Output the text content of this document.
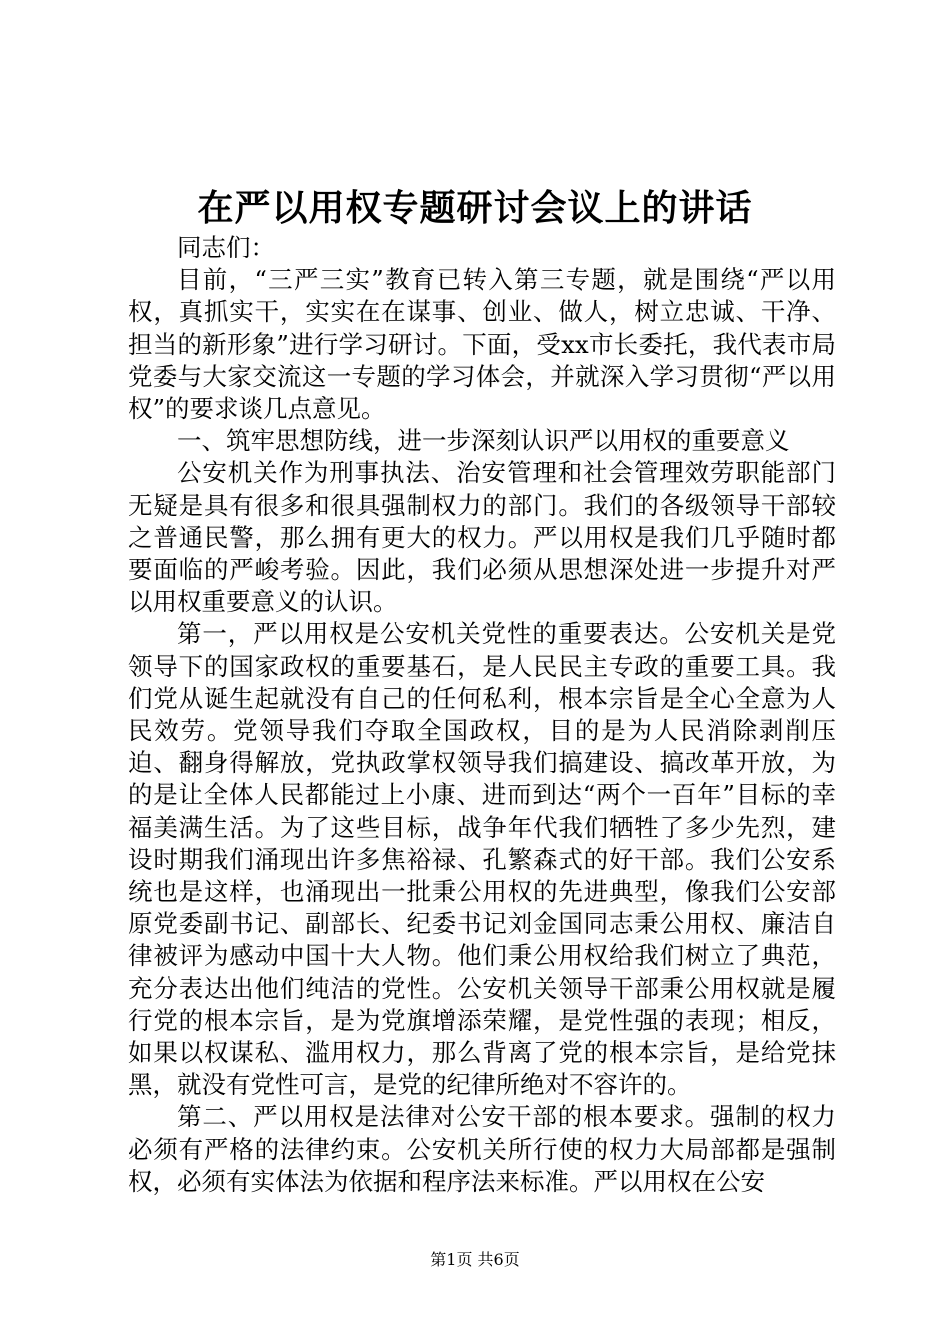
在严以用权专题研讨会议上的讲话

同志们：

目前，“三严三实”教育已转入第三专题，就是围绕“严以用权，真抓实干，实实在在谋事、创业、做人，树立忠诚、干净、担当的新形象”进行学习研讨。下面，受xx市长委托，我代表市局党委与大家交流这一专题的学习体会，并就深入学习贯彻“严以用权”的要求谈几点意见。

一、筑牢思想防线，进一步深刻认识严以用权的重要意义

公安机关作为刑事执法、治安管理和社会管理效劳职能部门无疑是具有很多和很具强制权力的部门。我们的各级领导干部较之普通民警，那么拥有更大的权力。严以用权是我们几乎随时都要面临的严峻考验。因此，我们必须从思想深处进一步提升对严以用权重要意义的认识。

第一，严以用权是公安机关党性的重要表达。公安机关是党领导下的国家政权的重要基石，是人民民主专政的重要工具。我们党从诞生起就没有自己的任何私利，根本宗旨是全心全意为人民效劳。党领导我们夺取全国政权，目的是为人民消除剥削压迫、翻身得解放，党执政掌权领导我们搞建设、搞改革开放，为的是让全体人民都能过上小康、进而到达“两个一百年”目标的幸福美满生活。为了这些目标，战争年代我们牺牲了多少先烈，建设时期我们涌现出许多焦裕禄、孔繁森式的好干部。我们公安系统也是这样，也涌现出一批秉公用权的先进典型，像我们公安部原党委副书记、副部长、纪委书记刘金国同志秉公用权、廉洁自律被评为感动中国十大人物。他们秉公用权给我们树立了典范，充分表达出他们纯洁的党性。公安机关领导干部秉公用权就是履行党的根本宗旨，是为党旗增添荣耀，是党性强的表现；相反，如果以权谋私、滥用权力，那么背离了党的根本宗旨，是给党抹黑，就没有党性可言，是党的纪律所绝对不容许的。

第二、严以用权是法律对公安干部的根本要求。强制的权力必须有严格的法律约束。公安机关所行使的权力大局部都是强制权，必须有实体法为依据和程序法来标准。严以用权在公安

第1页 共6页
